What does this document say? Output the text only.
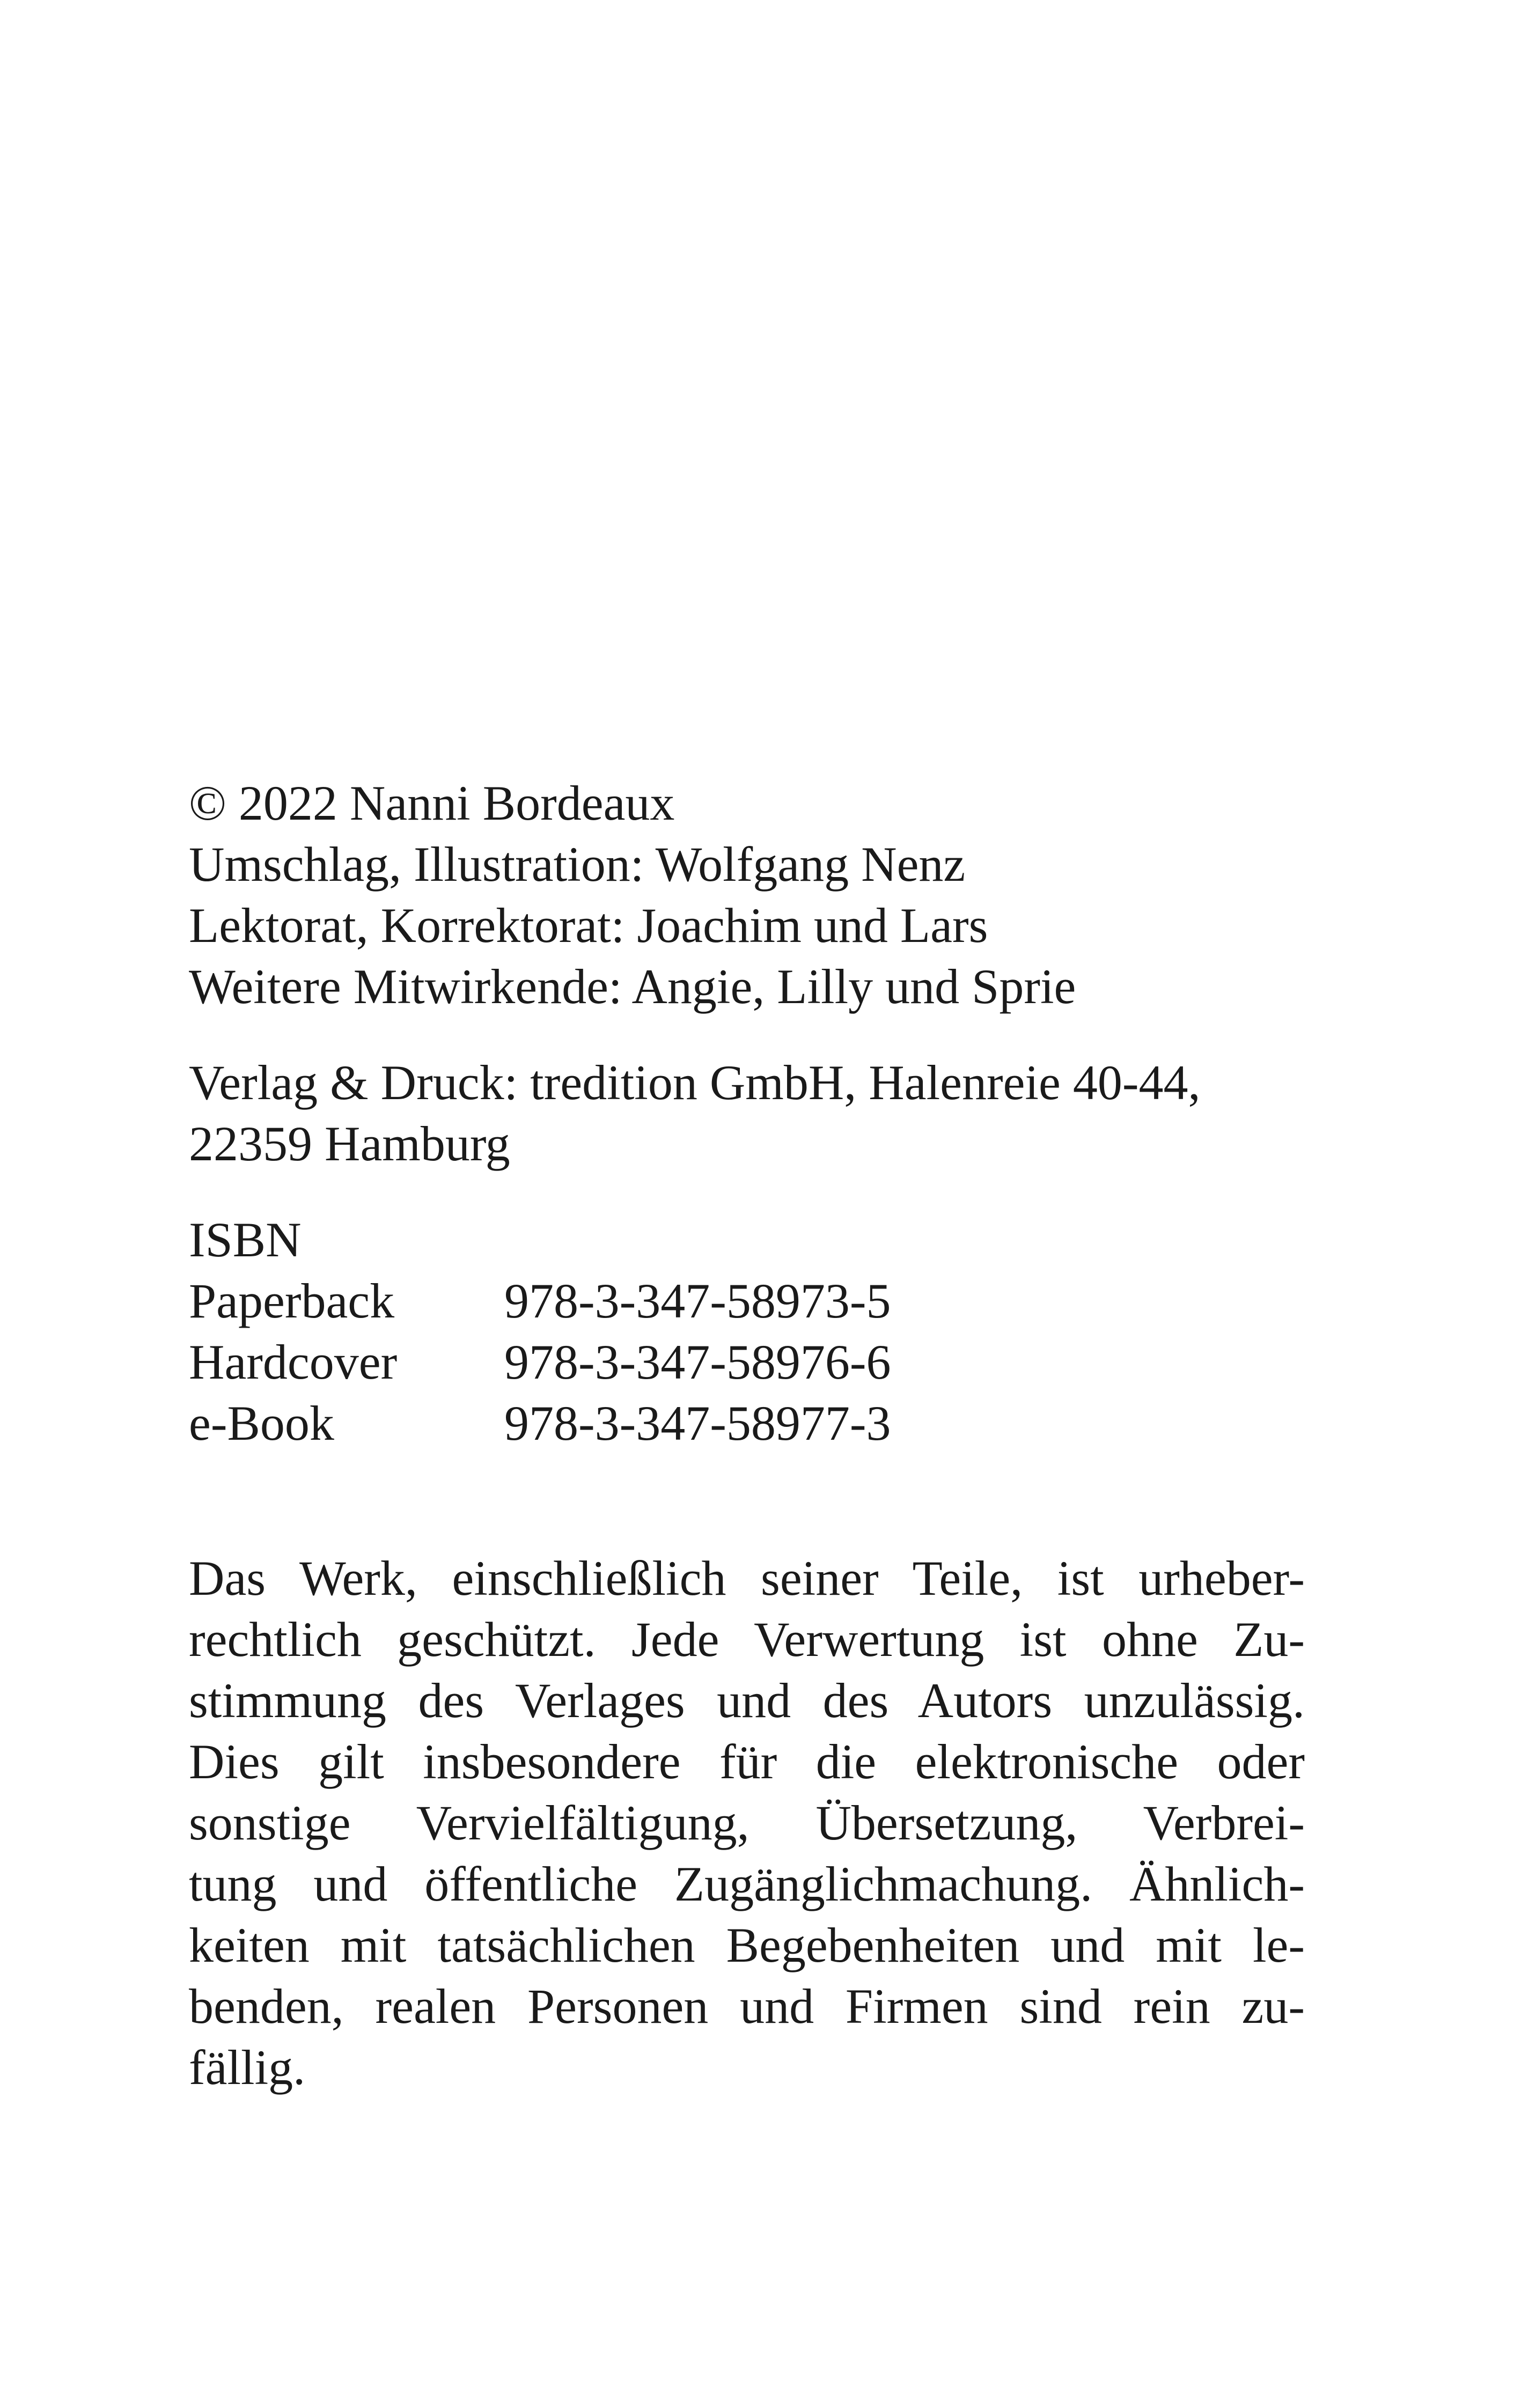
© 2022 Nanni Bordeaux
Umschlag, Illustration: Wolfgang Nenz
Lektorat, Korrektorat: Joachim und Lars
Weitere Mitwirkende: Angie, Lilly und Sprie
Verlag & Druck: tredition GmbH, Halenreie 40-44,
22359 Hamburg
ISBN
Paperback	978-3-347-58973-5
Hardcover	978-3-347-58976-6
e-Book	978-3-347-58977-3
Das Werk, einschließlich seiner Teile, ist urheber-
rechtlich geschützt. Jede Verwertung ist ohne Zu-
stimmung des Verlages und des Autors unzulässig.
Dies gilt insbesondere für die elektronische oder
sonstige Vervielfältigung, Übersetzung, Verbrei-
tung und öffentliche Zugänglichmachung. Ähnlich-
keiten mit tatsächlichen Begebenheiten und mit le-
benden, realen Personen und Firmen sind rein zu-
fällig.
